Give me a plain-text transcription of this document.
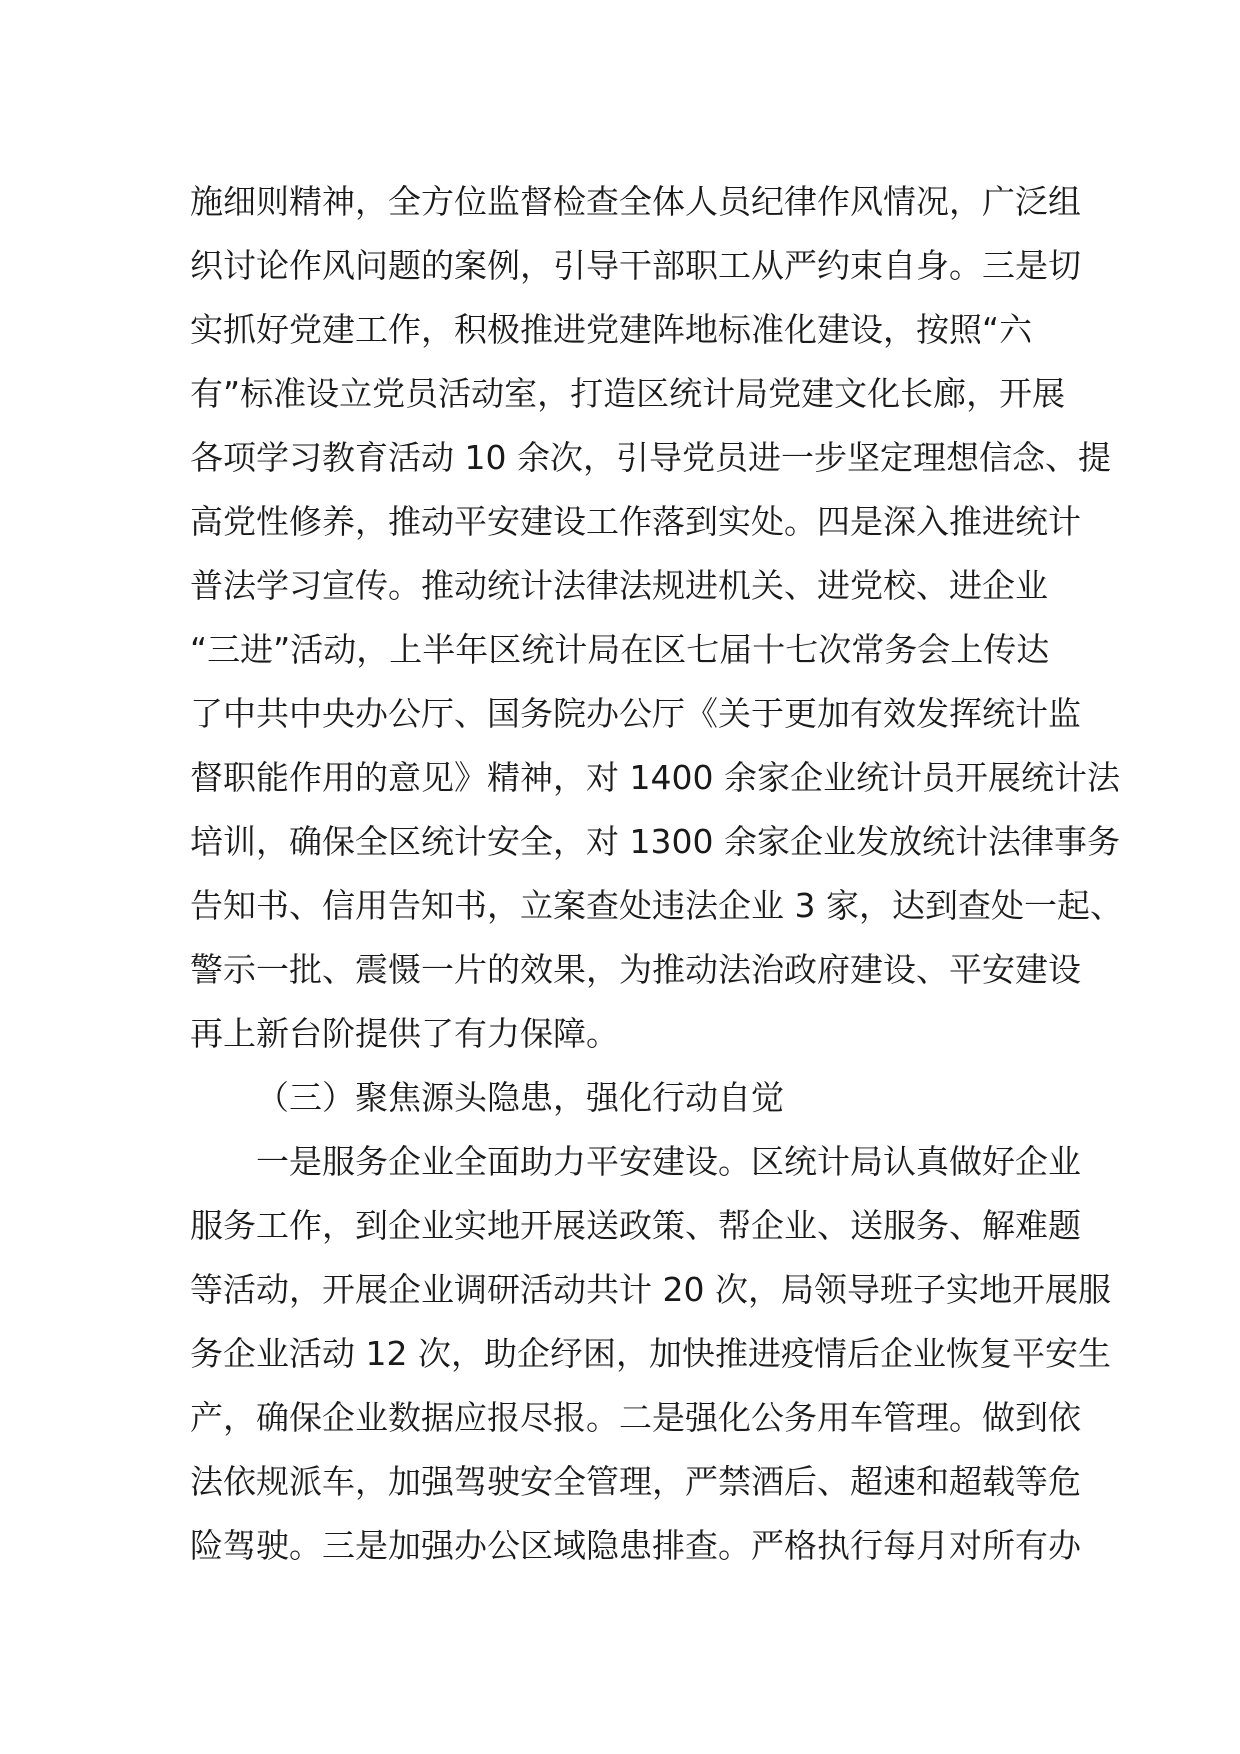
施细则精神，全方位监督检查全体人员纪律作风情况，广泛组
织讨论作风问题的案例，引导干部职工从严约束自身。三是切
实抓好党建工作，积极推进党建阵地标准化建设，按照“六
有”标准设立党员活动室，打造区统计局党建文化长廊，开展
各项学习教育活动 10 余次，引导党员进一步坚定理想信念、提
高党性修养，推动平安建设工作落到实处。四是深入推进统计
普法学习宣传。推动统计法律法规进机关、进党校、进企业
“三进”活动，上半年区统计局在区七届十七次常务会上传达
了中共中央办公厅、国务院办公厅《关于更加有效发挥统计监
督职能作用的意见》精神，对 1400 余家企业统计员开展统计法
培训，确保全区统计安全，对 1300 余家企业发放统计法律事务
告知书、信用告知书，立案查处违法企业 3 家，达到查处一起、
警示一批、震慑一片的效果，为推动法治政府建设、平安建设
再上新台阶提供了有力保障。
（三）聚焦源头隐患，强化行动自觉
一是服务企业全面助力平安建设。区统计局认真做好企业
服务工作，到企业实地开展送政策、帮企业、送服务、解难题
等活动，开展企业调研活动共计 20 次，局领导班子实地开展服
务企业活动 12 次，助企纾困，加快推进疫情后企业恢复平安生
产，确保企业数据应报尽报。二是强化公务用车管理。做到依
法依规派车，加强驾驶安全管理，严禁酒后、超速和超载等危
险驾驶。三是加强办公区域隐患排查。严格执行每月对所有办
